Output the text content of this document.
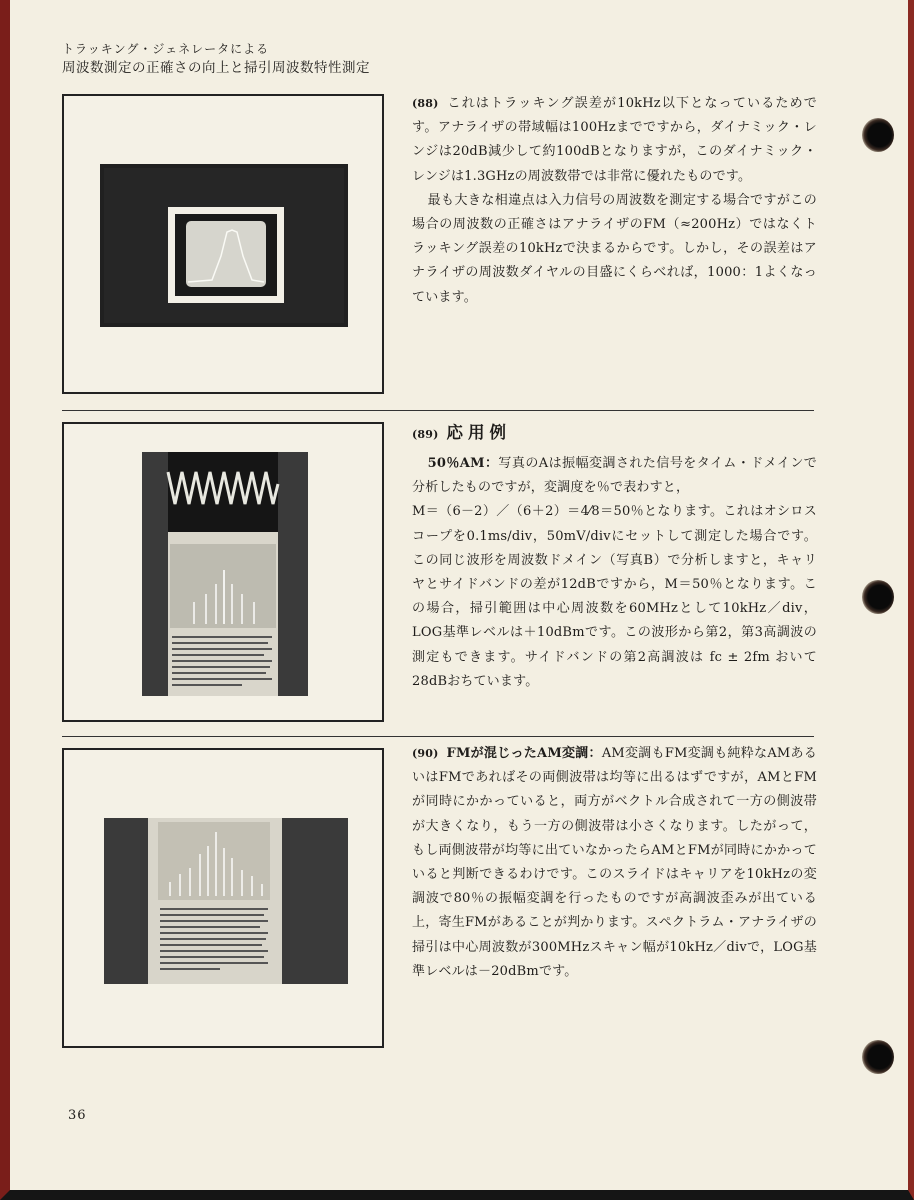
トラッキング・ジェネレータによる
周波数測定の正確さの向上と掃引周波数特性測定

(88) これはトラッキング誤差が10kHz以下となっているためです。アナライザの帯域幅は100Hzまでですから，ダイナミック・レンジは20dB減少して約100dBとなりますが，このダイナミック・レンジは1.3GHzの周波数帯では非常に優れたものです。

最も大きな相違点は入力信号の周波数を測定する場合ですがこの場合の周波数の正確さはアナライザのFM（≈200Hz）ではなくトラッキング誤差の10kHzで決まるからです。しかし，その誤差はアナライザの周波数ダイヤルの目盛にくらべれば，1000：1よくなっています。

(89) 応用例

50％AM：写真のAは振幅変調された信号をタイム・ドメインで分析したものですが，変調度を％で表わすと，

M＝（6－2）／（6＋2）＝4⁄8＝50％となります。これはオシロスコープを0.1ms/div，50mV/divにセットして測定した場合です。この同じ波形を周波数ドメイン（写真B）で分析しますと，キャリヤとサイドバンドの差が12dBですから，M＝50％となります。この場合，掃引範囲は中心周波数を60MHzとして10kHz／div，LOG基準レベルは＋10dBmです。この波形から第2，第3高調波の測定もできます。サイドバンドの第2高調波は fc ± 2fm おいて28dBおちています。

(90) FMが混じったAM変調：AM変調もFM変調も純粋なAMあるいはFMであればその両側波帯は均等に出るはずですが，AMとFMが同時にかかっていると，両方がベクトル合成されて一方の側波帯が大きくなり，もう一方の側波帯は小さくなります。したがって，もし両側波帯が均等に出ていなかったらAMとFMが同時にかかっていると判断できるわけです。このスライドはキャリアを10kHzの変調波で80％の振幅変調を行ったものですが高調波歪みが出ている上，寄生FMがあることが判かります。スペクトラム・アナライザの掃引は中心周波数が300MHzスキャン幅が10kHz／divで，LOG基準レベルは－20dBmです。

36
